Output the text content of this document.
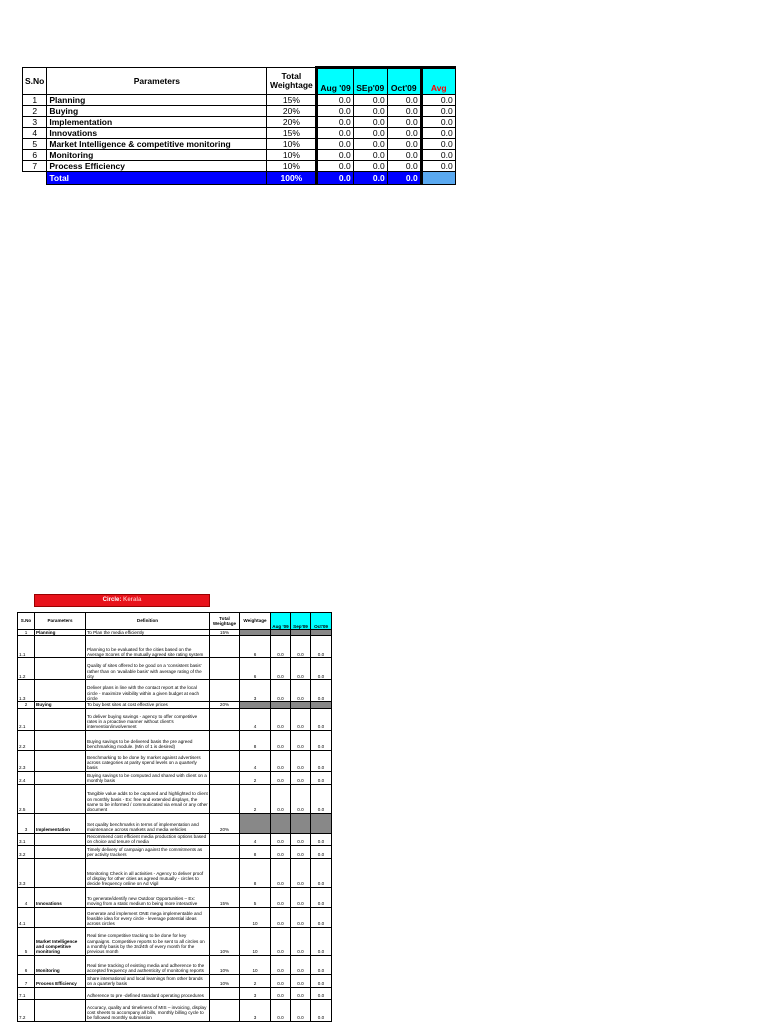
S.No	Parameters	Total Weightage	Aug '09	SEp'09	Oct'09	Avg
1	Planning	15%	0.0	0.0	0.0	0.0
2	Buying	20%	0.0	0.0	0.0	0.0
3	Implementation	20%	0.0	0.0	0.0	0.0
4	Innovations	15%	0.0	0.0	0.0	0.0
5	Market Intelligence & competitive monitoring	10%	0.0	0.0	0.0	0.0
6	Monitoring	10%	0.0	0.0	0.0	0.0
7	Process Efficiency	10%	0.0	0.0	0.0	0.0
	Total	100%	0.0	0.0	0.0	0.0
Circle: Kerala
S.No	Parameters	Definition	Total Weightage	Weightage	Aug '09	Sep'09	Oct'09
1	Planning	To Plan the media efficiently	15%				
1.1		Planning to be evaluated for the cities based on the Average Scores of the mutually agreed site rating system		6	0.0	0.0	0.0
1.2		Quality of sites offered to be good on a 'consistent basis' rather than on 'available basis' with average rating of the city		6	0.0	0.0	0.0
1.3		Deliver plans in line with the contact report at the local circle - maximize visibility within a given budget at each circle		3	0.0	0.0	0.0
2	Buying	To buy best sites at cost effective prices	20%				
2.1		To deliver buying savings - agency to offer competitive rates in a proactive manner without client's intervention/involvement		4	0.0	0.0	0.0
2.2		Buying savings to be delivered basis the pre agreed benchmarking module. (Min of 1 is desired)		8	0.0	0.0	0.0
2.3		Benchmarking to be done by market against advertisers across categories at parity spend levels on a quarterly basis		4	0.0	0.0	0.0
2.4		Buying savings to be computed and shared with client on a monthly basis		2	0.0	0.0	0.0
2.5		Tangible value adds to be captured and highlighted to client on monthly basis - Ex: free and extended displays, the same to be informed / communicated via email or any other document		2	0.0	0.0	0.0
3	Implementation	Set quality benchmarks in terms of implementation and maintenance across markets and media vehicles	20%				
3.1		Recommend cost efficient media production options based on choice and tenure of media		4	0.0	0.0	0.0
3.2		Timely delivery of campaign against the commitments as per activity trackers		8	0.0	0.0	0.0
3.3		Monitoring Check in all activities - Agency to deliver proof of display for other cities as agreed mutually - circles to decide frequency online on Ad Vigil		8	0.0	0.0	0.0
4	Innovations	To generate/identify new Outdoor Opportunities – Ex: moving from a static medium to being more interactive	15%	5	0.0	0.0	0.0
4.1		Generate and implement ONE mega implementable and feasible idea for every circle - leverage potential ideas across circles		10	0.0	0.0	0.0
5	Market Intelligence and competitive monitoring	Real time competitive tracking to be done for key campaigns. Competitive reports to be sent to all circles on a monthly basis by the 3rd/4th of every month for the previous month	10%	10	0.0	0.0	0.0
6	Monitoring	Real time tracking of existing media and adherence to the accepted frequency and authenticity of monitoring reports	10%	10	0.0	0.0	0.0
7	Process Efficiency	Share international and local learnings from other brands on a quarterly basis	10%	2	0.0	0.0	0.0
7.1		Adherence to pre -defined standard operating procedures		3	0.0	0.0	0.0
7.2		Accuracy, quality and timeliness of MIS – invoicing, display cost sheets to accompany all bills, monthly billing cycle to be followed monthly submission		3	0.0	0.0	0.0
